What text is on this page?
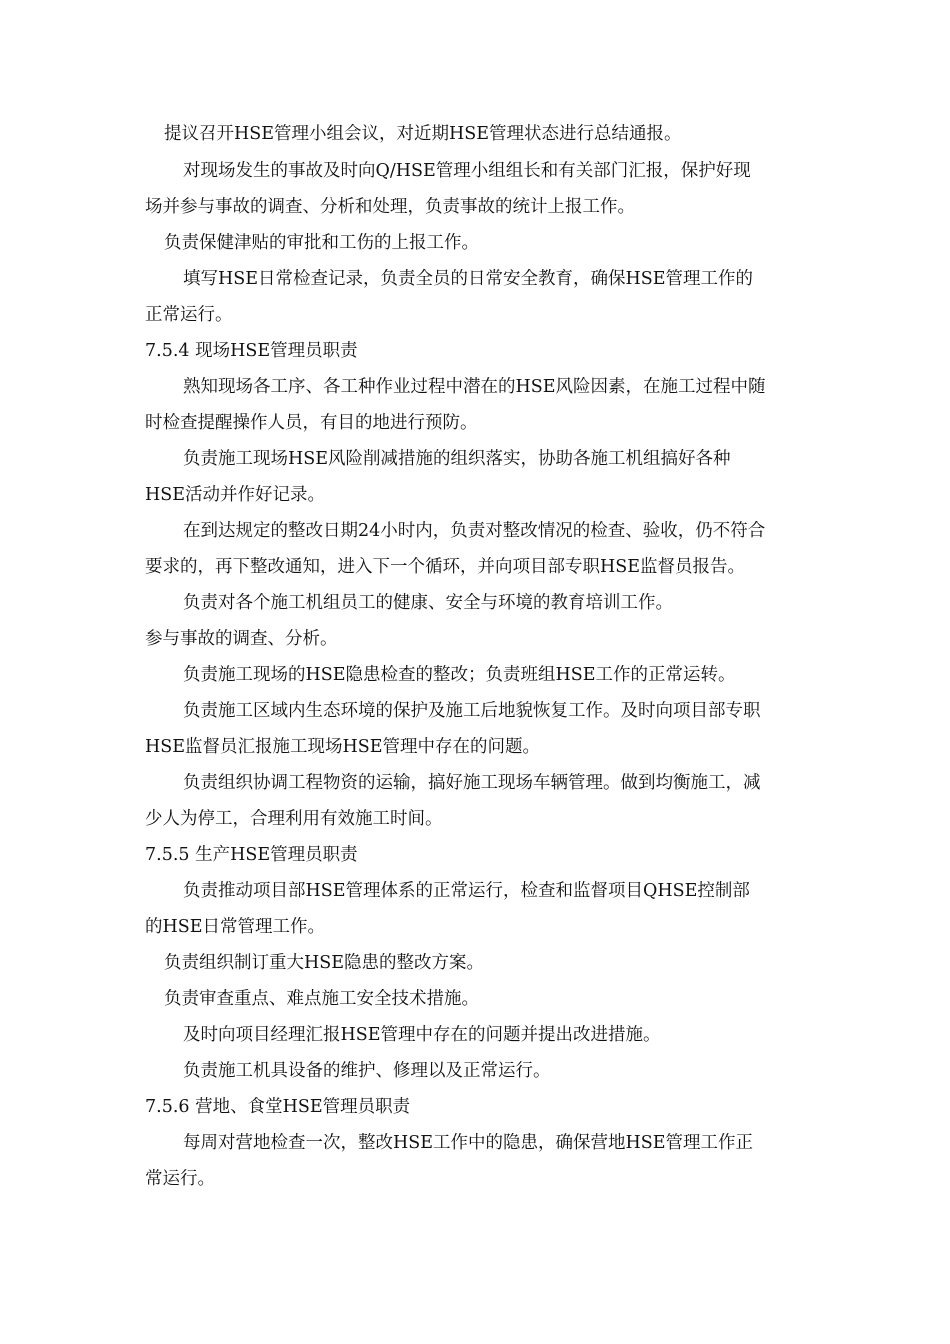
提议召开HSE管理小组会议，对近期HSE管理状态进行总结通报。
对现场发生的事故及时向Q/HSE管理小组组长和有关部门汇报，保护好现
场并参与事故的调查、分析和处理，负责事故的统计上报工作。
负责保健津贴的审批和工伤的上报工作。
填写HSE日常检查记录，负责全员的日常安全教育，确保HSE管理工作的
正常运行。
7.5.4 现场HSE管理员职责
熟知现场各工序、各工种作业过程中潜在的HSE风险因素，在施工过程中随
时检查提醒操作人员，有目的地进行预防。
负责施工现场HSE风险削减措施的组织落实，协助各施工机组搞好各种
HSE活动并作好记录。
在到达规定的整改日期24小时内，负责对整改情况的检查、验收，仍不符合
要求的，再下整改通知，进入下一个循环，并向项目部专职HSE监督员报告。
负责对各个施工机组员工的健康、安全与环境的教育培训工作。
参与事故的调查、分析。
负责施工现场的HSE隐患检查的整改；负责班组HSE工作的正常运转。
负责施工区域内生态环境的保护及施工后地貌恢复工作。及时向项目部专职
HSE监督员汇报施工现场HSE管理中存在的问题。
负责组织协调工程物资的运输，搞好施工现场车辆管理。做到均衡施工，减
少人为停工，合理利用有效施工时间。
7.5.5 生产HSE管理员职责
负责推动项目部HSE管理体系的正常运行，检查和监督项目QHSE控制部
的HSE日常管理工作。
负责组织制订重大HSE隐患的整改方案。
负责审查重点、难点施工安全技术措施。
及时向项目经理汇报HSE管理中存在的问题并提出改进措施。
负责施工机具设备的维护、修理以及正常运行。
7.5.6 营地、食堂HSE管理员职责
每周对营地检查一次，整改HSE工作中的隐患，确保营地HSE管理工作正
常运行。
